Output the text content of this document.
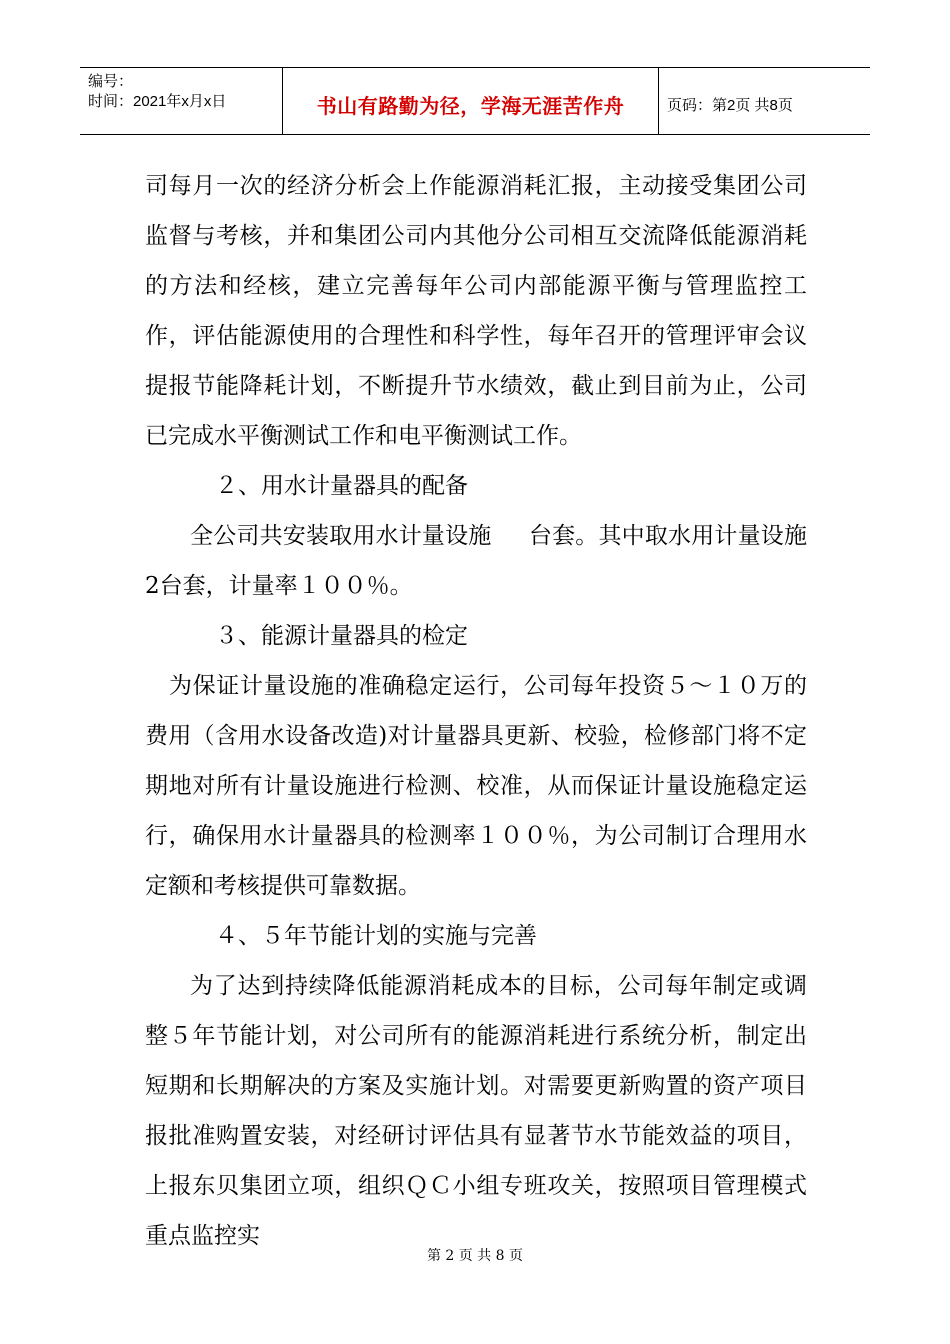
编号：
时间：2021年x月x日	书山有路勤为径，学海无涯苦作舟	页码：第2页 共8页

司每月一次的经济分析会上作能源消耗汇报，主动接受集团公司监督与考核，并和集团公司内其他分公司相互交流降低能源消耗的方法和经核，建立完善每年公司内部能源平衡与管理监控工作，评估能源使用的合理性和科学性，每年召开的管理评审会议提报节能降耗计划，不断提升节水绩效，截止到目前为止，公司已完成水平衡测试工作和电平衡测试工作。

２、用水计量器具的配备

全公司共安装取用水计量设施     台套。其中取水用计量设施2台套，计量率１００％。

３、能源计量器具的检定

为保证计量设施的准确稳定运行，公司每年投资５～１０万的费用（含用水设备改造)对计量器具更新、校验，检修部门将不定期地对所有计量设施进行检测、校准，从而保证计量设施稳定运行，确保用水计量器具的检测率１００％，为公司制订合理用水定额和考核提供可靠数据。

４、５年节能计划的实施与完善

为了达到持续降低能源消耗成本的目标，公司每年制定或调整５年节能计划，对公司所有的能源消耗进行系统分析，制定出短期和长期解决的方案及实施计划。对需要更新购置的资产项目报批准购置安装，对经研讨评估具有显著节水节能效益的项目，上报东贝集团立项，组织ＱＣ小组专班攻关，按照项目管理模式重点监控实

第 2 页 共 8 页
